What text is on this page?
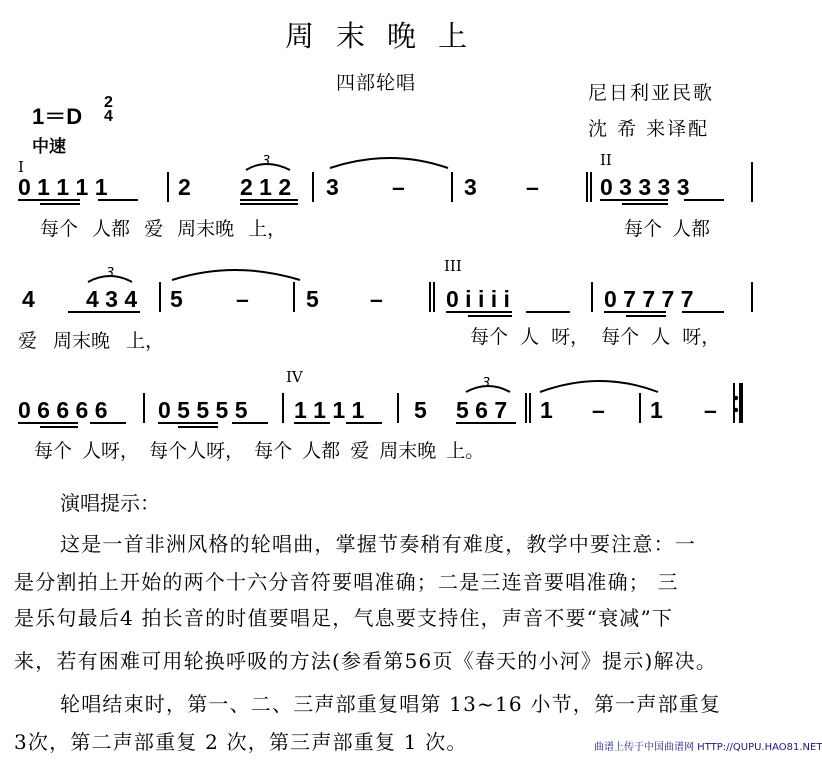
周末晚上
四部轮唱	尼日利亚民歌
沈 希 来译配
1＝D
2
4
中速
I	II
III
IV
3
3
3
0 1 1 1 1	2 2 1 2 3 –	3 –	0 3 3 3 3
每个 人都 爱 周末晚 上，	每个 人都
4 4 3 4 5 – 5 –	0 i i i i	0 7 7 7 7
爱 周末晚 上，	每个 人 呀， 每个 人 呀，
0 6 6 6 6 0 5 5 5 5 1 1 1 1 5 5 6 7 1 – 1 –
每个 人呀， 每个人呀， 每个 人都 爱 周末晚 上。
演唱提示：
这是一首非洲风格的轮唱曲，掌握节奏稍有难度，教学中要注意：一
是分割拍上开始的两个十六分音符要唱准确；二是三连音要唱准确； 三
是乐句最后4 拍长音的时值要唱足，气息要支持住，声音不要“衰减”下
来，若有困难可用轮换呼吸的方法(参看第56页《春天的小河》提示)解决。
轮唱结束时，第一、二、三声部重复唱第 13~16 小节，第一声部重复
3次，第二声部重复 2 次，第三声部重复 1 次。	曲谱上传于中国曲谱网 HTTP://QUPU.HAO81.NET
